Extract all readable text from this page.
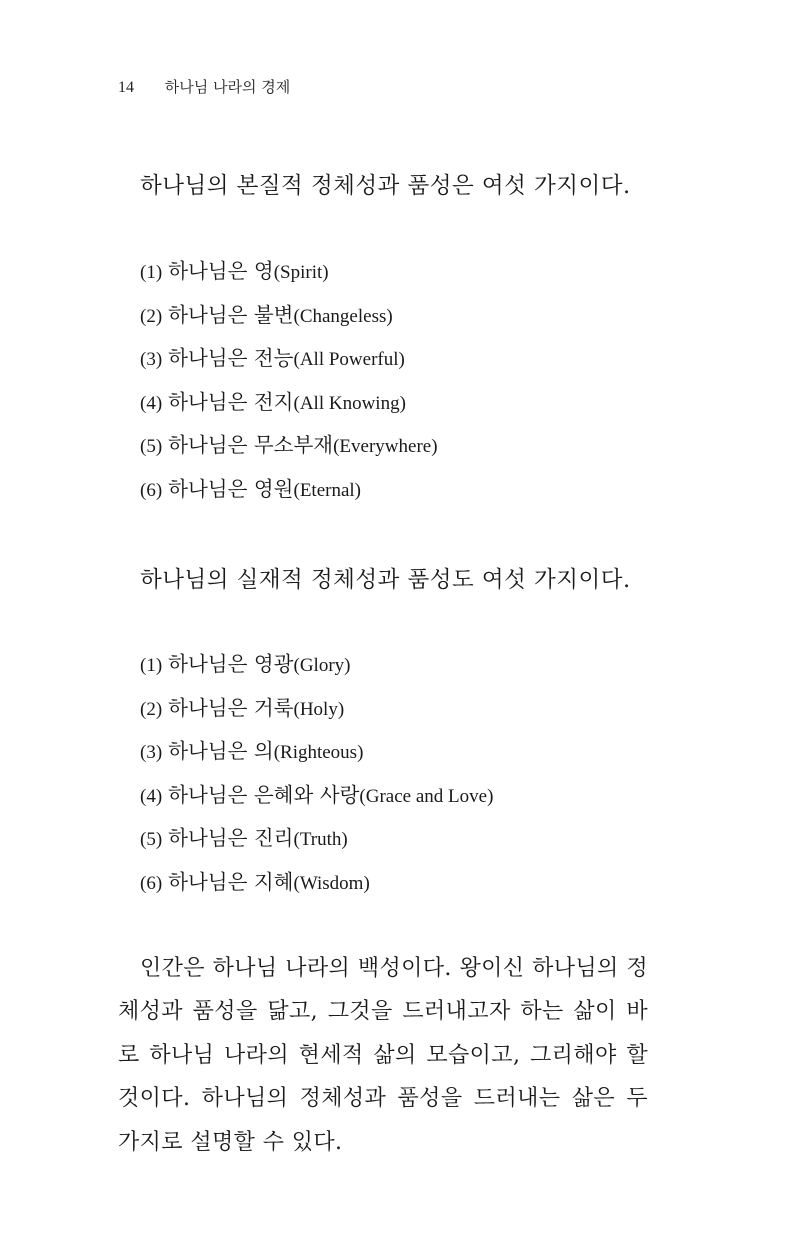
14 하나님 나라의 경제
하나님의 본질적 정체성과 품성은 여섯 가지이다.
(1) 하나님은 영(Spirit)
(2) 하나님은 불변(Changeless)
(3) 하나님은 전능(All Powerful)
(4) 하나님은 전지(All Knowing)
(5) 하나님은 무소부재(Everywhere)
(6) 하나님은 영원(Eternal)
하나님의 실재적 정체성과 품성도 여섯 가지이다.
(1) 하나님은 영광(Glory)
(2) 하나님은 거룩(Holy)
(3) 하나님은 의(Righteous)
(4) 하나님은 은혜와 사랑(Grace and Love)
(5) 하나님은 진리(Truth)
(6) 하나님은 지혜(Wisdom)

인간은 하나님 나라의 백성이다. 왕이신 하나님의 정체성과 품성을 닮고, 그것을 드러내고자 하는 삶이 바로 하나님 나라의 현세적 삶의 모습이고, 그리해야 할 것이다. 하나님의 정체성과 품성을 드러내는 삶은 두 가지로 설명할 수 있다.
